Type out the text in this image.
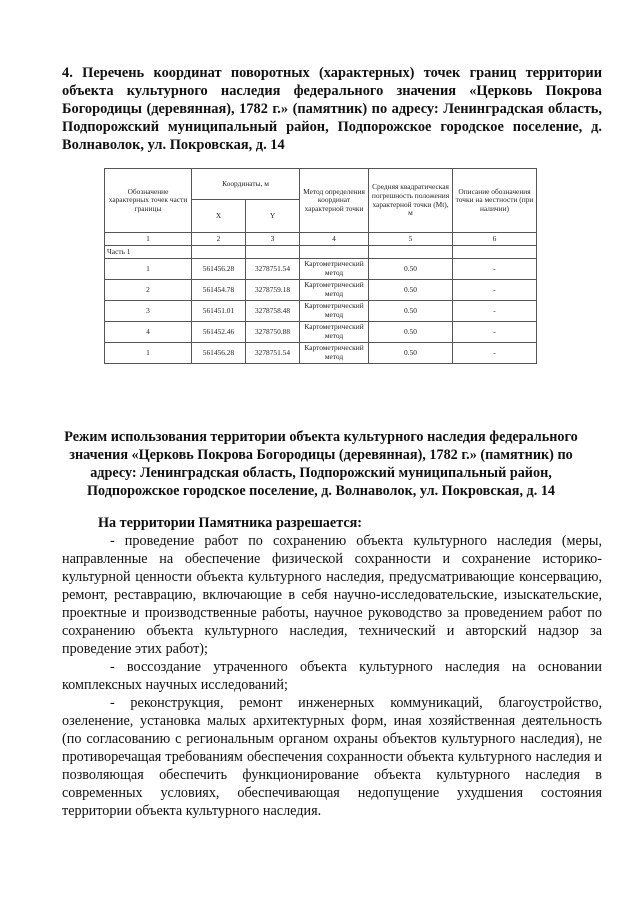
4. Перечень координат поворотных (характерных) точек границ территории объекта культурного наследия федерального значения «Церковь Покрова Богородицы (деревянная), 1782 г.» (памятник) по адресу: Ленинградская область, Подпорожский муниципальный район, Подпорожское городское поселение, д. Волнаволок, ул. Покровская, д. 14
Обозначение характерных точек части границы	Координаты, м		Метод определения координат характерной точки	Средняя квадратическая погрешность положения характерной точки (Mt), м	Описание обозначения точки на местности (при наличии)
	X	Y			
1	2	3	4	5	6
Часть 1					
1	561456.28	3278751.54	Картометрический метод	0.50	-
2	561454.78	3278759.18	Картометрический метод	0.50	-
3	561451.01	3278758.48	Картометрический метод	0.50	-
4	561452.46	3278750.88	Картометрический метод	0.50	-
1	561456.28	3278751.54	Картометрический метод	0.50	-
Режим использования территории объекта культурного наследия федерального значения «Церковь Покрова Богородицы (деревянная), 1782 г.» (памятник) по адресу: Ленинградская область, Подпорожский муниципальный район, Подпорожское городское поселение, д. Волнаволок, ул. Покровская, д. 14
На территории Памятника разрешается:

- проведение работ по сохранению объекта культурного наследия (меры, направленные на обеспечение физической сохранности и сохранение историко-культурной ценности объекта культурного наследия, предусматривающие консервацию, ремонт, реставрацию, включающие в себя научно-исследовательские, изыскательские, проектные и производственные работы, научное руководство за проведением работ по сохранению объекта культурного наследия, технический и авторский надзор за проведение этих работ);

- воссоздание утраченного объекта культурного наследия на основании комплексных научных исследований;

- реконструкция, ремонт инженерных коммуникаций, благоустройство, озеленение, установка малых архитектурных форм, иная хозяйственная деятельность (по согласованию с региональным органом охраны объектов культурного наследия), не противоречащая требованиям обеспечения сохранности объекта культурного наследия и позволяющая обеспечить функционирование объекта культурного наследия в современных условиях, обеспечивающая недопущение ухудшения состояния территории объекта культурного наследия.
